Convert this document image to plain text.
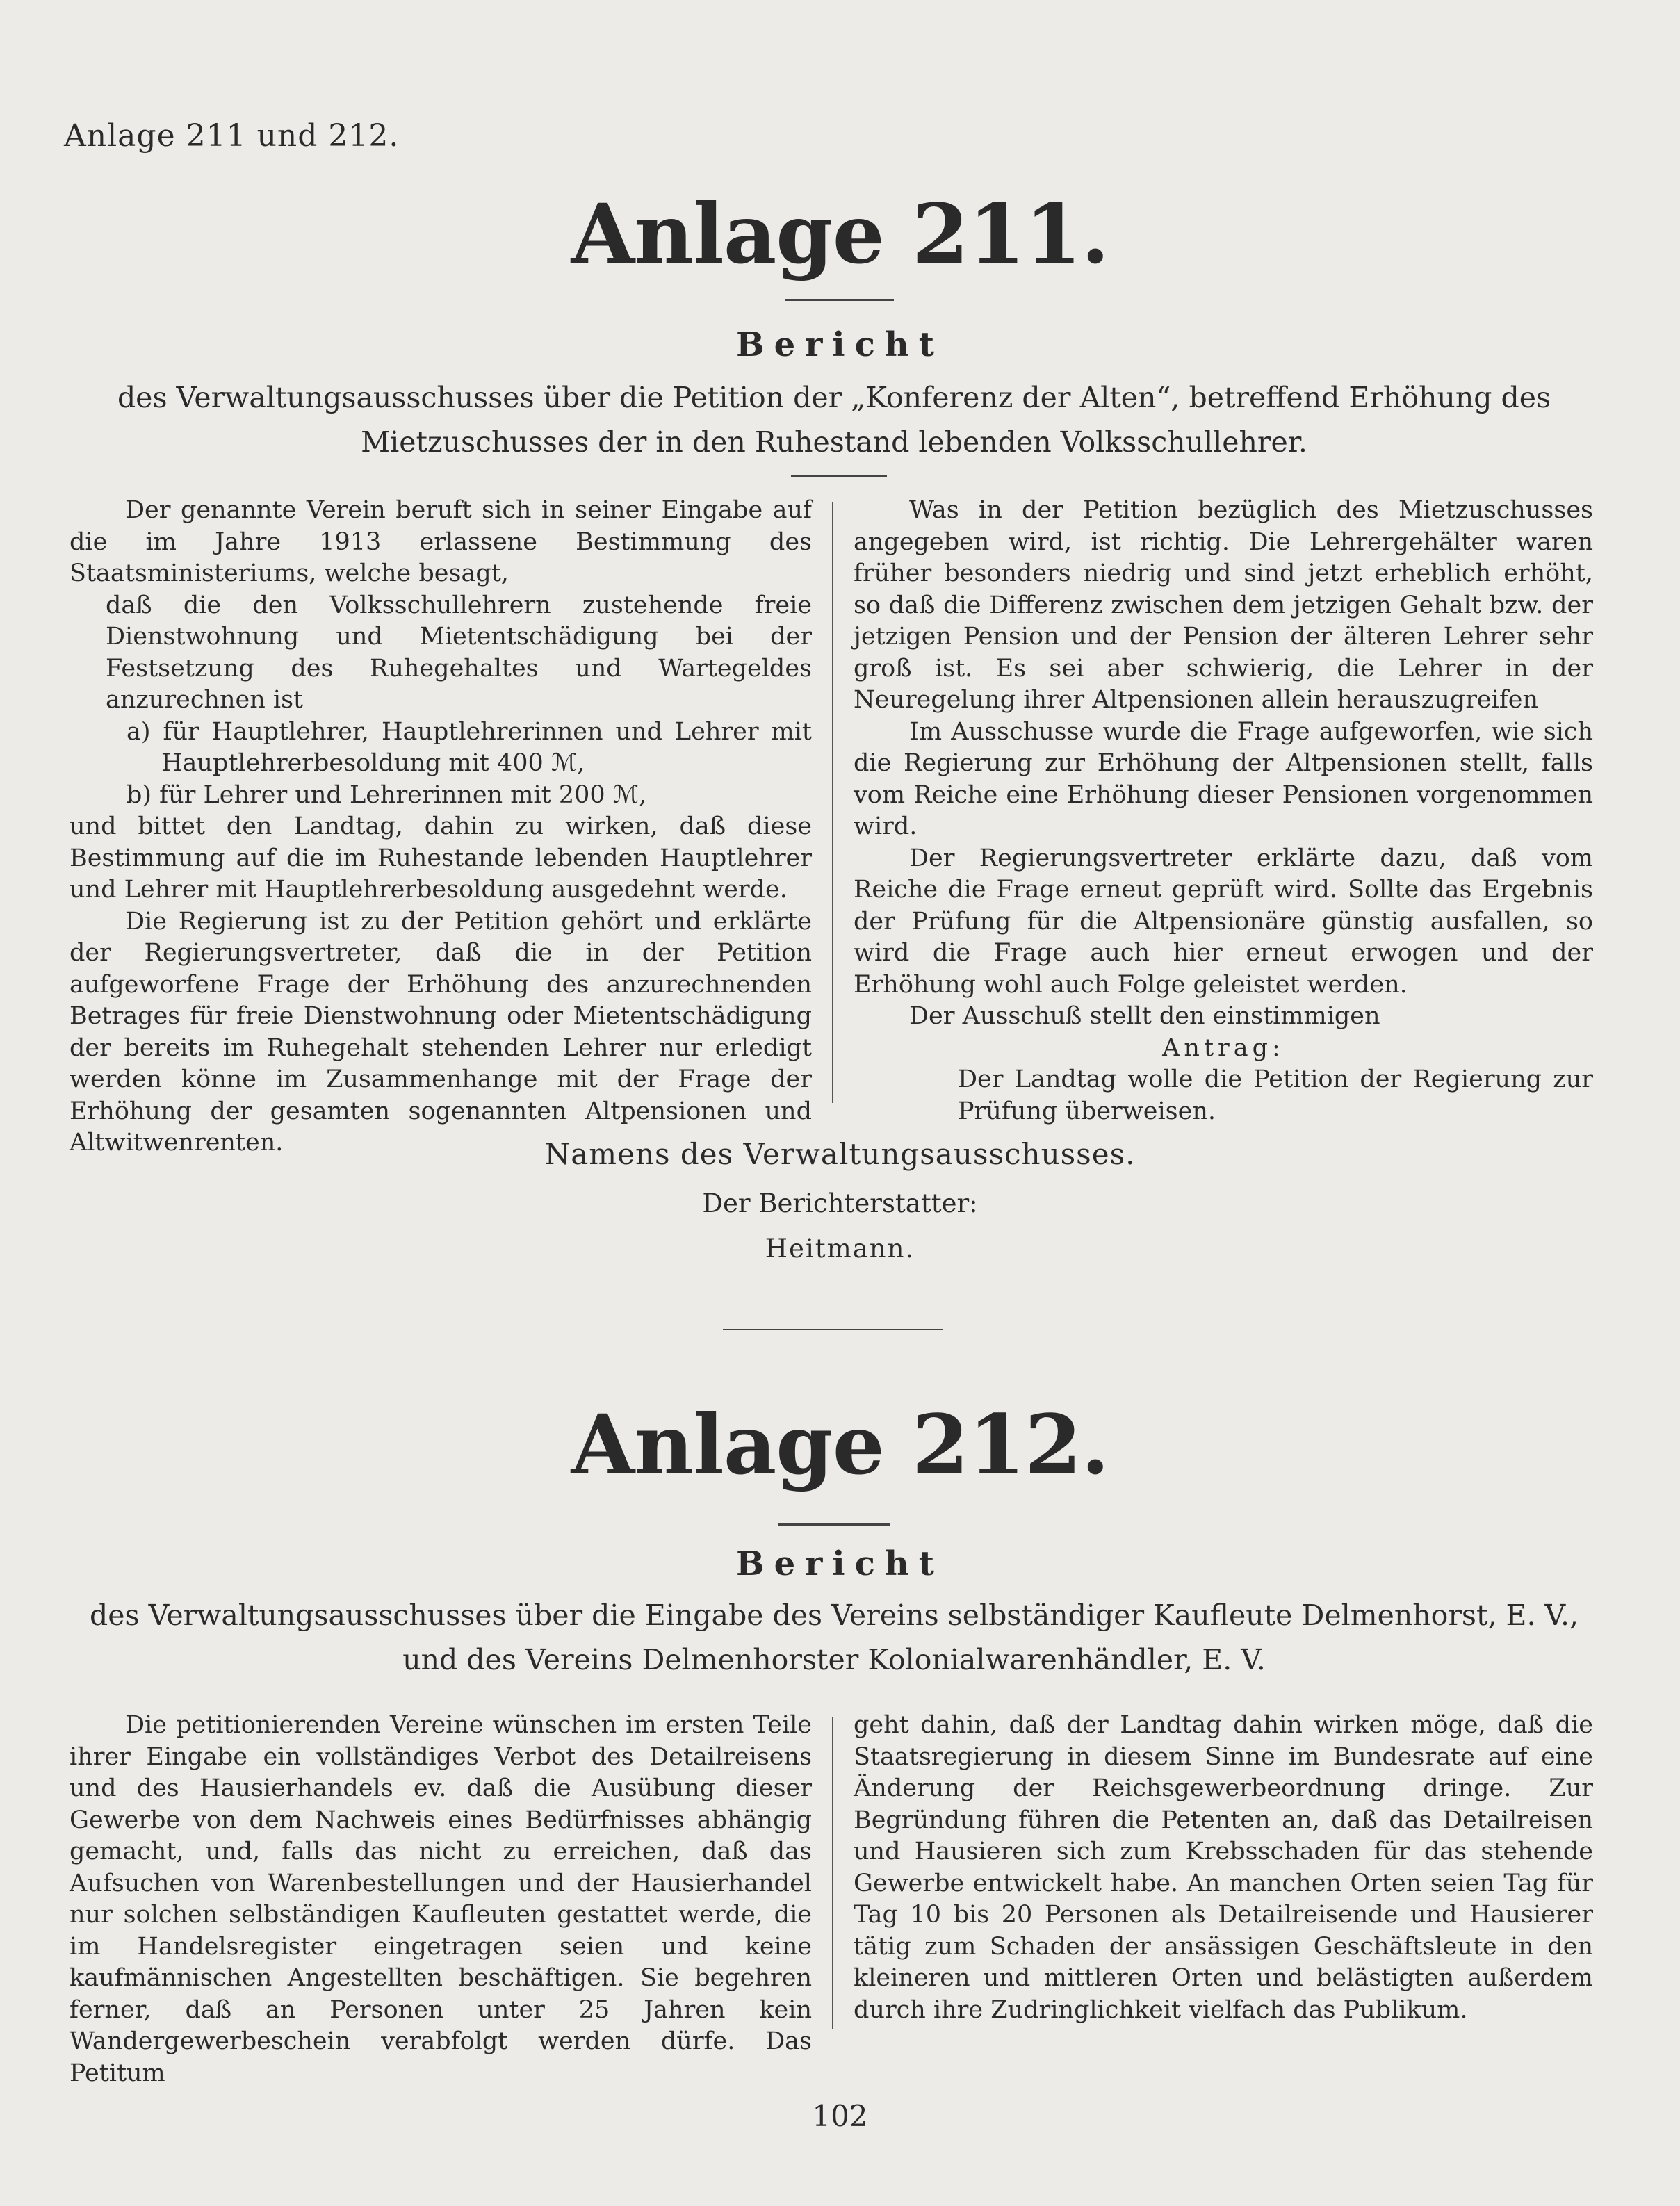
Anlage 211 und 212.
Anlage 211.
Bericht
des Verwaltungsausschusses über die Petition der „Konferenz der Alten“, betreffend Erhöhung des Mietzuschusses der in den Ruhestand lebenden Volksschullehrer.

Der genannte Verein beruft sich in seiner Eingabe auf die im Jahre 1913 erlassene Bestimmung des Staatsministeriums, welche besagt,

daß die den Volksschullehrern zustehende freie Dienstwohnung und Mietentschädigung bei der Festsetzung des Ruhegehaltes und Wartegeldes anzurechnen ist

a) für Hauptlehrer, Hauptlehrerinnen und Lehrer mit Hauptlehrerbesoldung mit 400 ℳ,

b) für Lehrer und Lehrerinnen mit 200 ℳ,

und bittet den Landtag, dahin zu wirken, daß diese Bestimmung auf die im Ruhestande lebenden Hauptlehrer und Lehrer mit Hauptlehrerbesoldung ausgedehnt werde.

Die Regierung ist zu der Petition gehört und erklärte der Regierungsvertreter, daß die in der Petition aufgeworfene Frage der Erhöhung des anzurechnenden Betrages für freie Dienstwohnung oder Mietentschädigung der bereits im Ruhegehalt stehenden Lehrer nur erledigt werden könne im Zusammenhange mit der Frage der Erhöhung der gesamten sogenannten Altpensionen und Altwitwenrenten.

Was in der Petition bezüglich des Mietzuschusses angegeben wird, ist richtig. Die Lehrergehälter waren früher besonders niedrig und sind jetzt erheblich erhöht, so daß die Differenz zwischen dem jetzigen Gehalt bzw. der jetzigen Pension und der Pension der älteren Lehrer sehr groß ist. Es sei aber schwierig, die Lehrer in der Neuregelung ihrer Altpensionen allein herauszugreifen

Im Ausschusse wurde die Frage aufgeworfen, wie sich die Regierung zur Erhöhung der Altpensionen stellt, falls vom Reiche eine Erhöhung dieser Pensionen vorgenommen wird.

Der Regierungsvertreter erklärte dazu, daß vom Reiche die Frage erneut geprüft wird. Sollte das Ergebnis der Prüfung für die Altpensionäre günstig ausfallen, so wird die Frage auch hier erneut erwogen und der Erhöhung wohl auch Folge geleistet werden.

Der Ausschuß stellt den einstimmigen

Antrag:

Der Landtag wolle die Petition der Regierung zur Prüfung überweisen.

Namens des Verwaltungsausschusses.
Der Berichterstatter:
Heitmann.
Anlage 212.
Bericht
des Verwaltungsausschusses über die Eingabe des Vereins selbständiger Kaufleute Delmenhorst, E. V.,
und des Vereins Delmenhorster Kolonialwarenhändler, E. V.

Die petitionierenden Vereine wünschen im ersten Teile ihrer Eingabe ein vollständiges Verbot des Detailreisens und des Hausierhandels ev. daß die Ausübung dieser Gewerbe von dem Nachweis eines Bedürfnisses abhängig gemacht, und, falls das nicht zu erreichen, daß das Aufsuchen von Warenbestellungen und der Hausierhandel nur solchen selbständigen Kaufleuten gestattet werde, die im Handelsregister eingetragen seien und keine kaufmännischen Angestellten beschäftigen. Sie begehren ferner, daß an Personen unter 25 Jahren kein Wandergewerbeschein verabfolgt werden dürfe. Das Petitum

geht dahin, daß der Landtag dahin wirken möge, daß die Staatsregierung in diesem Sinne im Bundesrate auf eine Änderung der Reichsgewerbeordnung dringe. Zur Begründung führen die Petenten an, daß das Detailreisen und Hausieren sich zum Krebsschaden für das stehende Gewerbe entwickelt habe. An manchen Orten seien Tag für Tag 10 bis 20 Personen als Detailreisende und Hausierer tätig zum Schaden der ansässigen Geschäftsleute in den kleineren und mittleren Orten und belästigten außerdem durch ihre Zudringlichkeit vielfach das Publikum.

102
